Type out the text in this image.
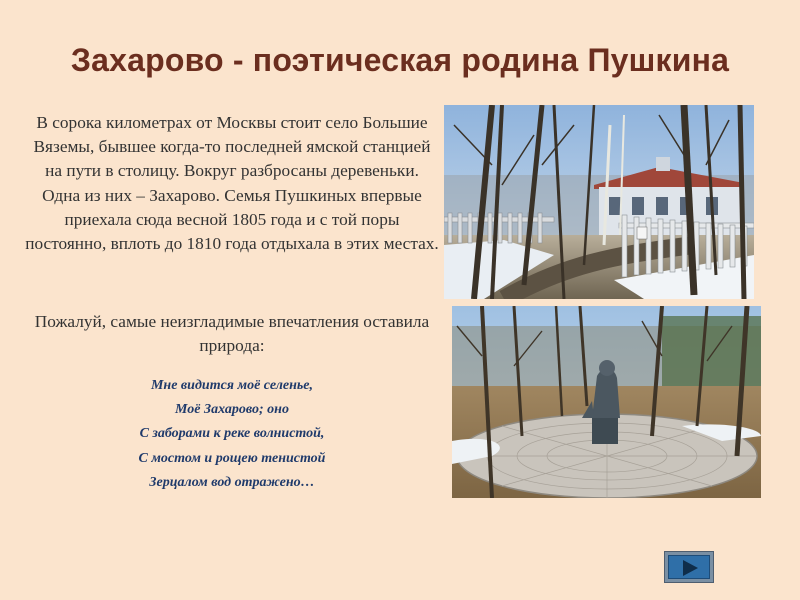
Захарово - поэтическая родина Пушкина
В сорока километрах от Москвы стоит село Большие Вяземы, бывшее когда-то последней ямской станцией на пути в столицу. Вокруг разбросаны деревеньки. Одна из них – Захарово. Семья Пушкиных впервые приехала сюда весной 1805 года и с той поры постоянно, вплоть до 1810 года отдыхала в этих местах.
Пожалуй, самые неизгладимые впечатления оставила природа:
Мне видится моё селенье,
Моё Захарово; оно
С заборами к реке волнистой,
С мостом и рощею тенистой
Зерцалом вод отражено…
